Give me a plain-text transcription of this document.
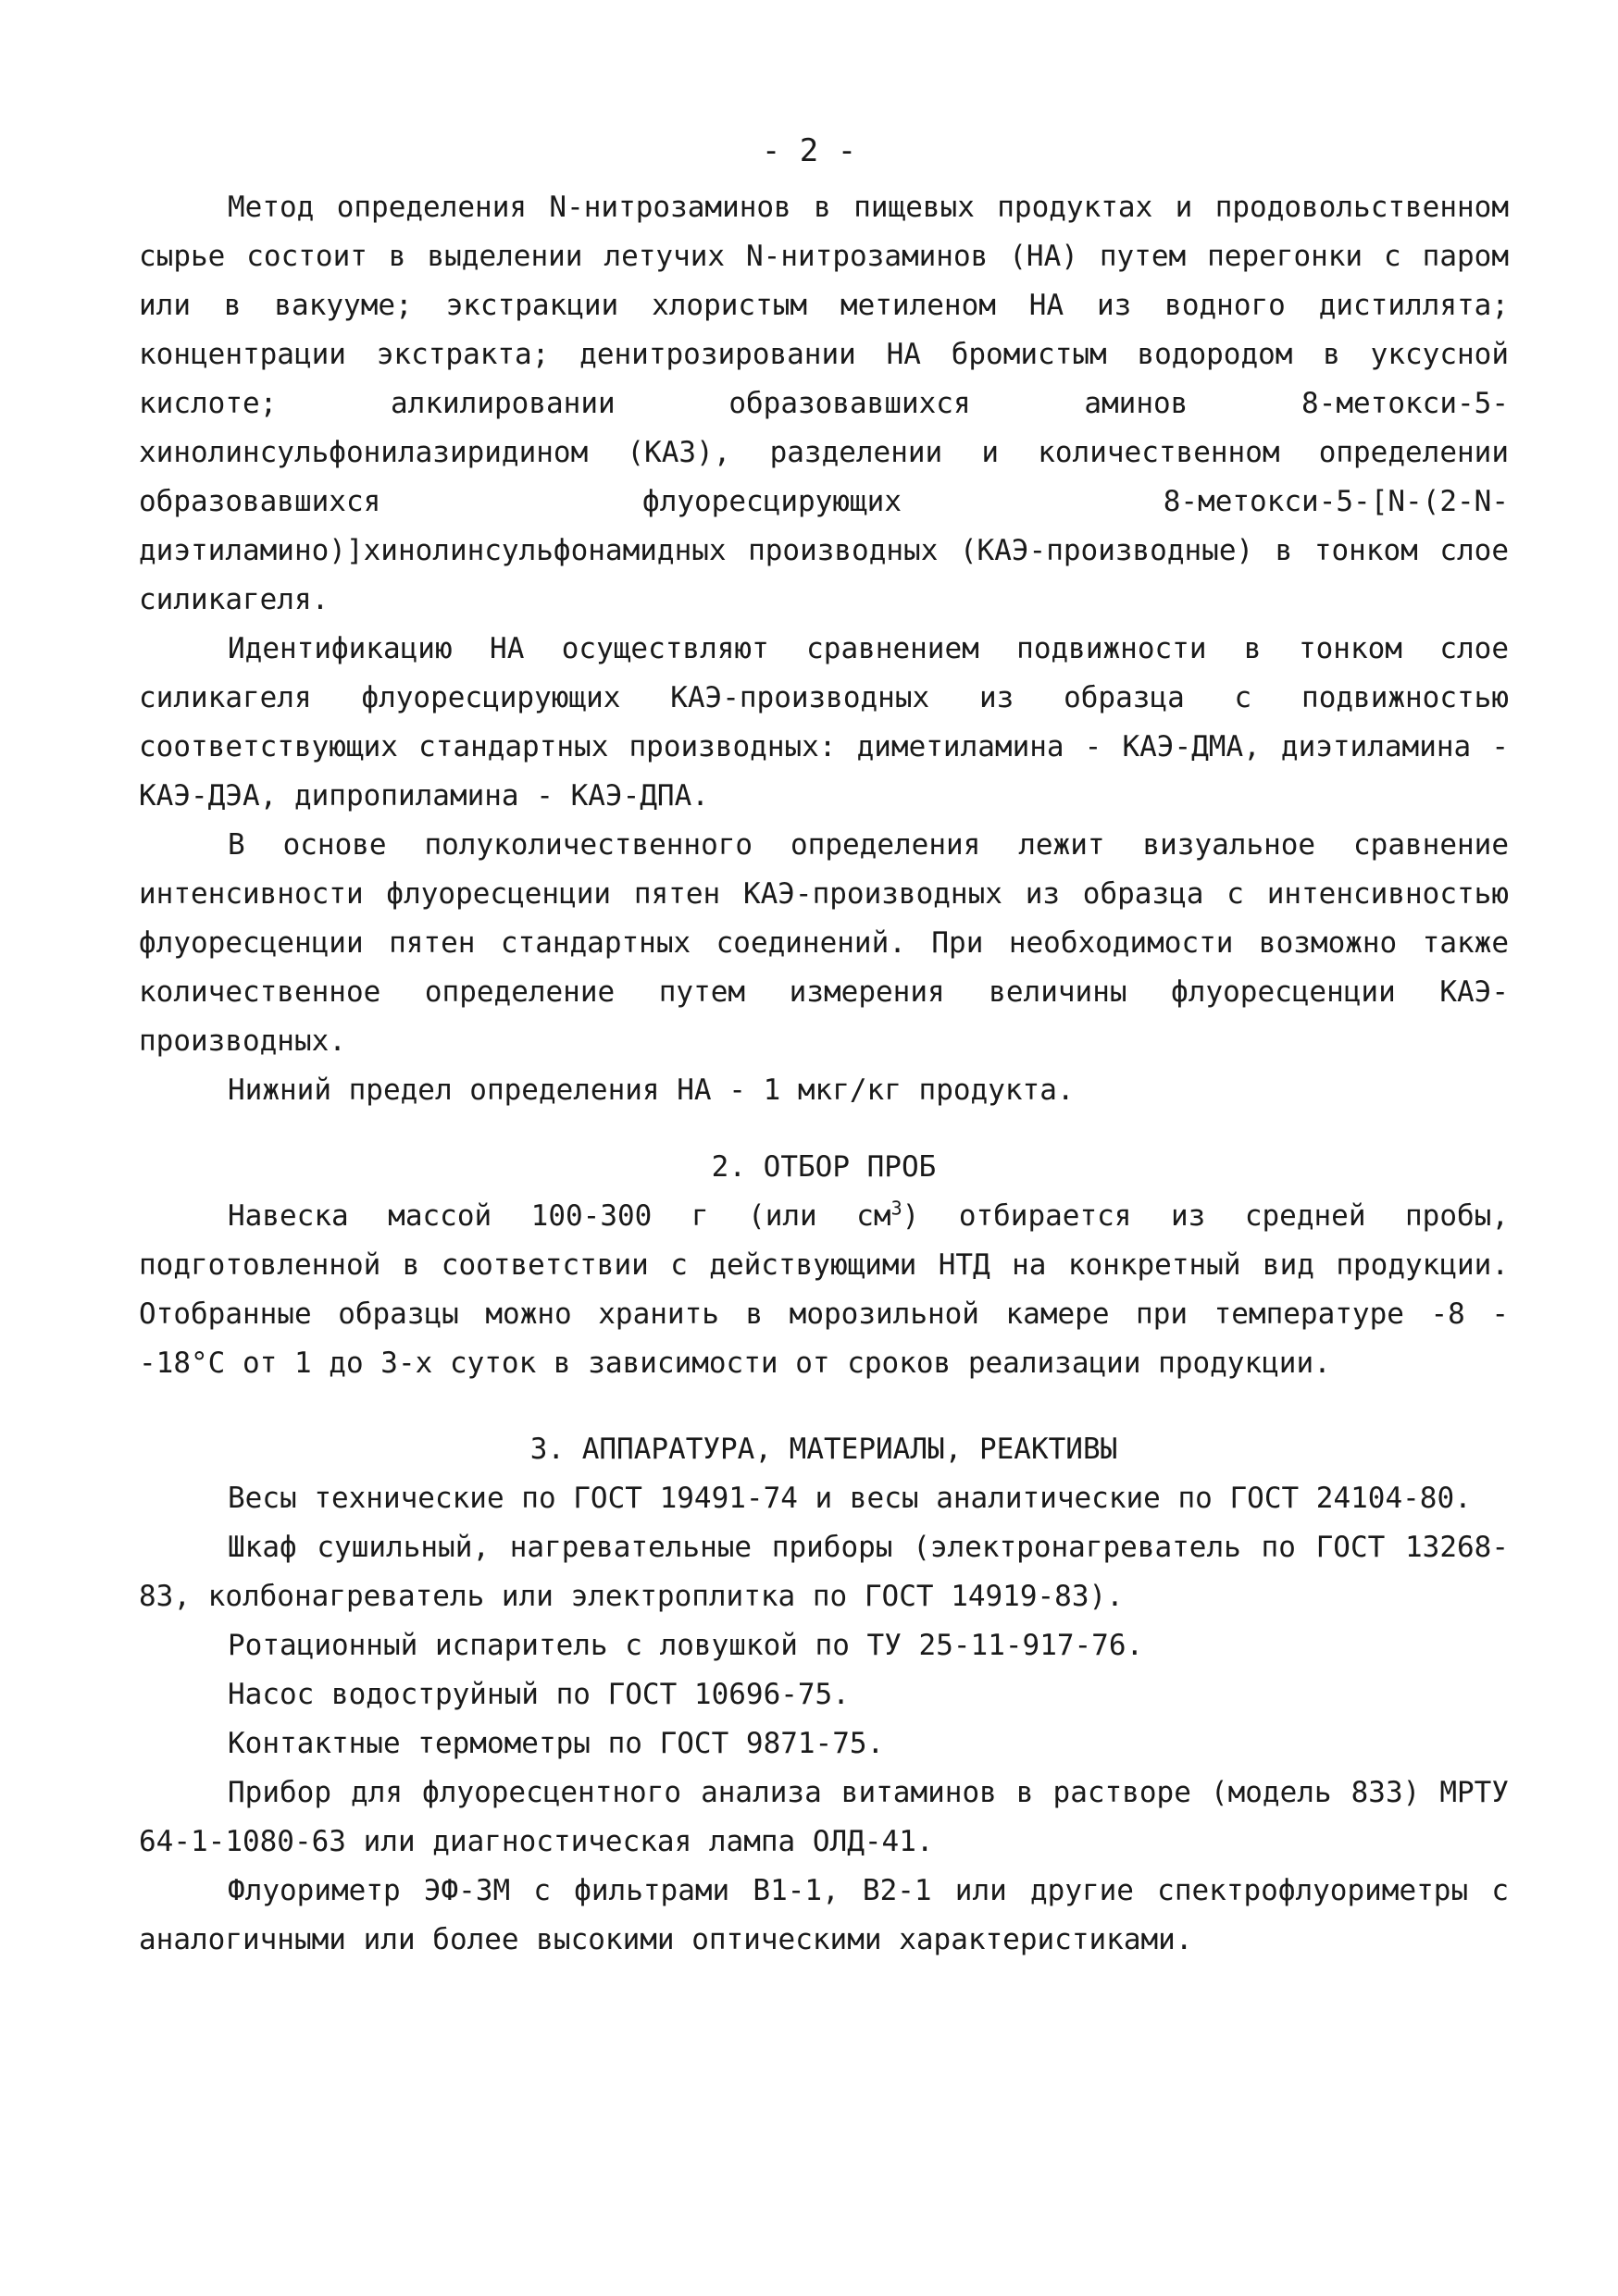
- 2 -

Метод определения N-нитрозаминов в пищевых продуктах и продовольственном сырье состоит в выделении летучих N-нитрозаминов (НА) путем перегонки с паром или в вакууме; экстракции хлористым метиленом НА из водного дистиллята; концентрации экстракта; денитрозировании НА бромистым водородом в уксусной кислоте; алкилировании образовавшихся аминов 8-метокси-5-хинолинсульфонилазиридином (КАЗ), разделении и количественном определении образовавшихся флуоресцирующих 8-метокси-5-[N-(2-N-диэтиламино)]хинолинсульфонамидных производных (КАЭ-производные) в тонком слое силикагеля.

Идентификацию НА осуществляют сравнением подвижности в тонком слое силикагеля флуоресцирующих КАЭ-производных из образца с подвижностью соответствующих стандартных производных: диметиламина - КАЭ-ДМА, диэтиламина - КАЭ-ДЭА, дипропиламина - КАЭ-ДПА.

В основе полуколичественного определения лежит визуальное сравнение интенсивности флуоресценции пятен КАЭ-производных из образца с интенсивностью флуоресценции пятен стандартных соединений. При необходимости возможно также количественное определение путем измерения величины флуоресценции КАЭ-производных.

Нижний предел определения НА - 1 мкг/кг продукта.

2. ОТБОР ПРОБ

Навеска массой 100-300 г (или $см^3$) отбирается из средней пробы, подготовленной в соответствии с действующими НТД на конкретный вид продукции. Отобранные образцы можно хранить в морозильной камере при температуре -8 - -18°С от 1 до 3-х суток в зависимости от сроков реализации продукции.

3. АППАРАТУРА, МАТЕРИАЛЫ, РЕАКТИВЫ

Весы технические по ГОСТ 19491-74 и весы аналитические по ГОСТ 24104-80.

Шкаф сушильный, нагревательные приборы (электронагреватель по ГОСТ 13268-83, колбонагреватель или электроплитка по ГОСТ 14919-83).

Ротационный испаритель с ловушкой по ТУ 25-11-917-76.

Насос водоструйный по ГОСТ 10696-75.

Контактные термометры по ГОСТ 9871-75.

Прибор для флуоресцентного анализа витаминов в растворе (модель 833) МРТУ 64-1-1080-63 или диагностическая лампа ОЛД-41.

Флуориметр ЭФ-3М с фильтрами В1-1, В2-1 или другие спектрофлуориметры с аналогичными или более высокими оптическими характеристиками.
